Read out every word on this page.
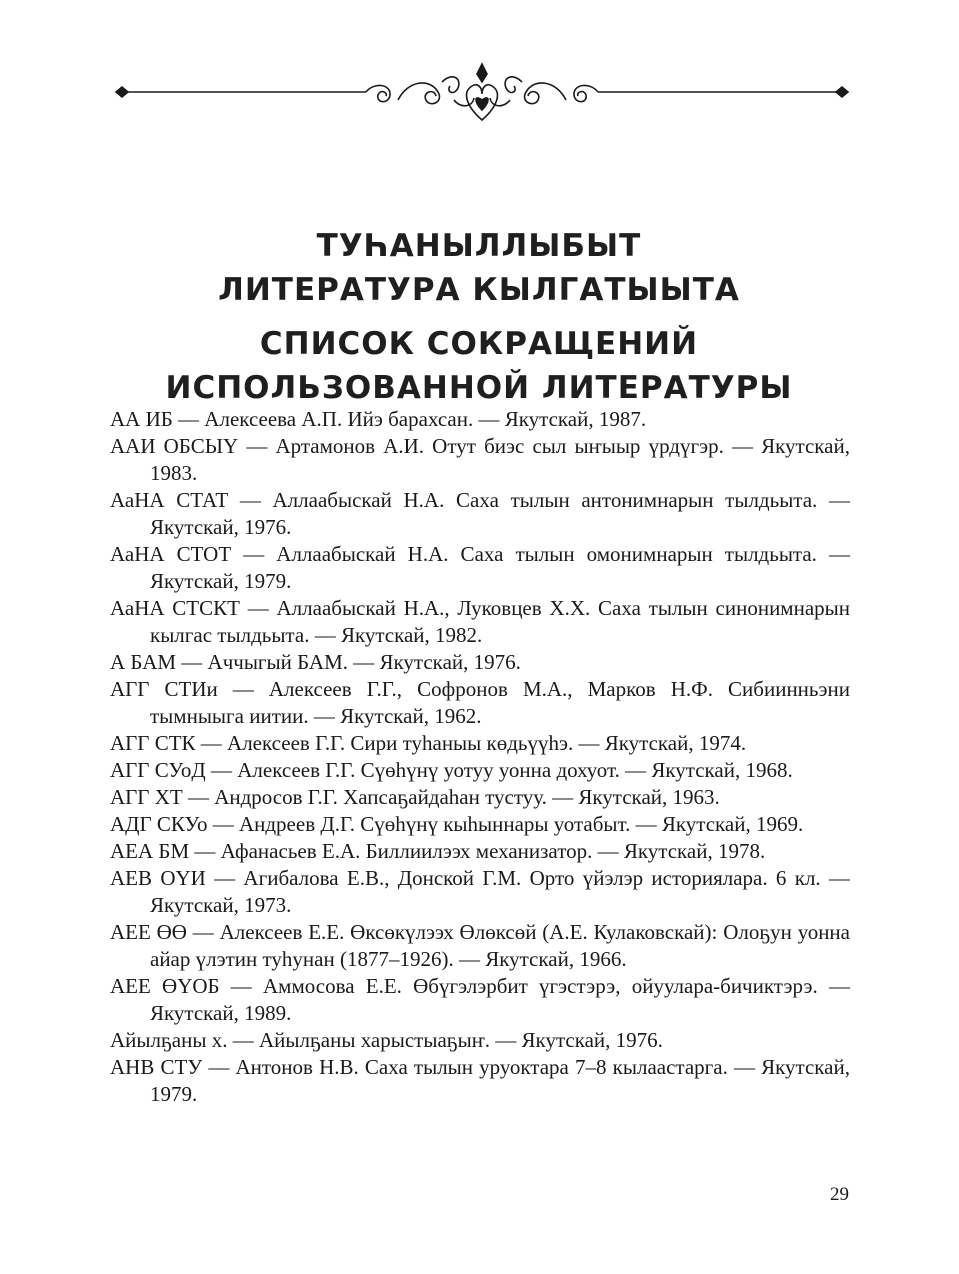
ТУҺАНЫЛЛЫБЫТ
ЛИТЕРАТУРА КЫЛГАТЫЫТА
СПИСОК СОКРАЩЕНИЙ
ИСПОЛЬЗОВАННОЙ ЛИТЕРАТУРЫ

АА ИБ — Алексеева А.П. Ийэ барахсан. — Якутскай, 1987.

ААИ ОБСЫҮ — Артамонов А.И. Отут биэс сыл ыҥыыр үрдүгэр. — Якутскай, 1983.

АаНА СТАТ — Аллаабыскай Н.А. Саха тылын антонимнарын тылдьыта. — Якутскай, 1976.

АаНА СТОТ — Аллаабыскай Н.А. Саха тылын омонимнарын тылдьыта. — Якутскай, 1979.

АаНА СТСКТ — Аллаабыскай Н.А., Луковцев Х.Х. Саха тылын синонимнарын кылгас тылдьыта. — Якутскай, 1982.

А БАМ — Аччыгый БАМ. — Якутскай, 1976.

АГГ СТИи — Алексеев Г.Г., Софронов М.А., Марков Н.Ф. Сибиинньэни тымныыга иитии. — Якутскай, 1962.

АГГ СТК — Алексеев Г.Г. Сири туһаныы көдьүүһэ. — Якутскай, 1974.

АГГ СУоД — Алексеев Г.Г. Сүөһүнү уотуу уонна дохуот. — Якутскай, 1968.

АГГ ХТ — Андросов Г.Г. Хапсаҕайдаһан тустуу. — Якутскай, 1963.

АДГ СКУо — Андреев Д.Г. Сүөһүнү кыһыннары уотабыт. — Якутскай, 1969.

АЕА БМ — Афанасьев Е.А. Биллиилээх механизатор. — Якутскай, 1978.

АЕВ ОҮИ — Агибалова Е.В., Донской Г.М. Орто үйэлэр историялара. 6 кл. — Якутскай, 1973.

АЕЕ ӨӨ — Алексеев Е.Е. Өксөкүлээх Өлөксөй (А.Е. Кулаковскай): Олоҕун уонна айар үлэтин туһунан (1877–1926). — Якутскай, 1966.

АЕЕ ӨҮОБ — Аммосова Е.Е. Өбүгэлэрбит үгэстэрэ, ойуулара-бичиктэрэ. — Якутскай, 1989.

Айылҕаны х. — Айылҕаны харыстыаҕыҥ. — Якутскай, 1976.

АНВ СТУ — Антонов Н.В. Саха тылын уруоктара 7–8 кылаастарга. — Якутскай, 1979.

29
